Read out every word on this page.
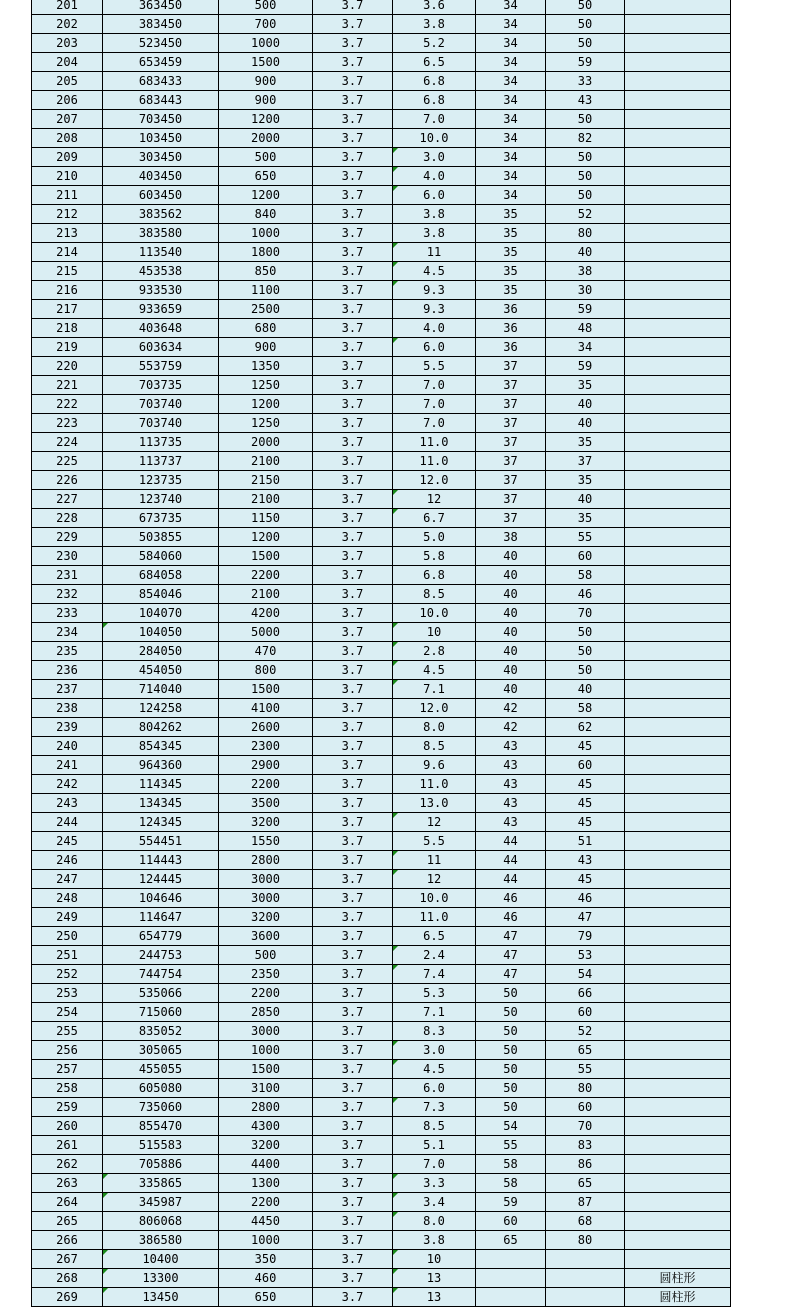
201	363450	500	3.7	3.6	34	50	
202	383450	700	3.7	3.8	34	50	
203	523450	1000	3.7	5.2	34	50	
204	653459	1500	3.7	6.5	34	59	
205	683433	900	3.7	6.8	34	33	
206	683443	900	3.7	6.8	34	43	
207	703450	1200	3.7	7.0	34	50	
208	103450	2000	3.7	10.0	34	82	
209	303450	500	3.7	3.0	34	50	
210	403450	650	3.7	4.0	34	50	
211	603450	1200	3.7	6.0	34	50	
212	383562	840	3.7	3.8	35	52	
213	383580	1000	3.7	3.8	35	80	
214	113540	1800	3.7	11	35	40	
215	453538	850	3.7	4.5	35	38	
216	933530	1100	3.7	9.3	35	30	
217	933659	2500	3.7	9.3	36	59	
218	403648	680	3.7	4.0	36	48	
219	603634	900	3.7	6.0	36	34	
220	553759	1350	3.7	5.5	37	59	
221	703735	1250	3.7	7.0	37	35	
222	703740	1200	3.7	7.0	37	40	
223	703740	1250	3.7	7.0	37	40	
224	113735	2000	3.7	11.0	37	35	
225	113737	2100	3.7	11.0	37	37	
226	123735	2150	3.7	12.0	37	35	
227	123740	2100	3.7	12	37	40	
228	673735	1150	3.7	6.7	37	35	
229	503855	1200	3.7	5.0	38	55	
230	584060	1500	3.7	5.8	40	60	
231	684058	2200	3.7	6.8	40	58	
232	854046	2100	3.7	8.5	40	46	
233	104070	4200	3.7	10.0	40	70	
234	104050	5000	3.7	10	40	50	
235	284050	470	3.7	2.8	40	50	
236	454050	800	3.7	4.5	40	50	
237	714040	1500	3.7	7.1	40	40	
238	124258	4100	3.7	12.0	42	58	
239	804262	2600	3.7	8.0	42	62	
240	854345	2300	3.7	8.5	43	45	
241	964360	2900	3.7	9.6	43	60	
242	114345	2200	3.7	11.0	43	45	
243	134345	3500	3.7	13.0	43	45	
244	124345	3200	3.7	12	43	45	
245	554451	1550	3.7	5.5	44	51	
246	114443	2800	3.7	11	44	43	
247	124445	3000	3.7	12	44	45	
248	104646	3000	3.7	10.0	46	46	
249	114647	3200	3.7	11.0	46	47	
250	654779	3600	3.7	6.5	47	79	
251	244753	500	3.7	2.4	47	53	
252	744754	2350	3.7	7.4	47	54	
253	535066	2200	3.7	5.3	50	66	
254	715060	2850	3.7	7.1	50	60	
255	835052	3000	3.7	8.3	50	52	
256	305065	1000	3.7	3.0	50	65	
257	455055	1500	3.7	4.5	50	55	
258	605080	3100	3.7	6.0	50	80	
259	735060	2800	3.7	7.3	50	60	
260	855470	4300	3.7	8.5	54	70	
261	515583	3200	3.7	5.1	55	83	
262	705886	4400	3.7	7.0	58	86	
263	335865	1300	3.7	3.3	58	65	
264	345987	2200	3.7	3.4	59	87	
265	806068	4450	3.7	8.0	60	68	
266	386580	1000	3.7	3.8	65	80	
267	10400	350	3.7	10			
268	13300	460	3.7	13			圆柱形
269	13450	650	3.7	13			圆柱形
